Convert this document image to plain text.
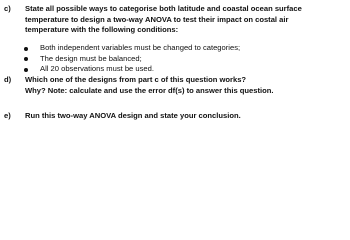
c) State all possible ways to categorise both latitude and coastal ocean surface
temperature to design a two-way ANOVA to test their impact on costal air
temperature with the following conditions:
Both independent variables must be changed to categories;
The design must be balanced;
All 20 observations must be used.
d) Which one of the designs from part c of this question works?
Why? Note: calculate and use the error df(s) to answer this question.
e) Run this two-way ANOVA design and state your conclusion.
